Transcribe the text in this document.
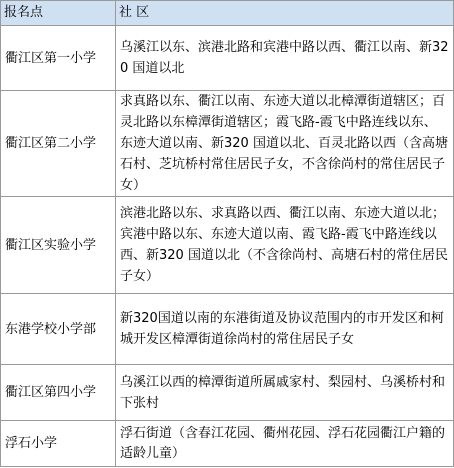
报名点	社 区
衢江区第一小学	乌溪江以东、滨港北路和宾港中路以西、衢江以南、新320 国道以北
衢江区第二小学	求真路以东、衢江以南、东迹大道以北樟潭街道辖区；百灵北路以东樟潭街道辖区；霞飞路-霞飞中路连线以东、东迹大道以南、新320 国道以北、百灵北路以西（含高塘石村、芝坑桥村常住居民子女，不含徐尚村的常住居民子女）
衢江区实验小学	滨港北路以东、求真路以西、衢江以南、东迹大道以北；宾港中路以东、东迹大道以南、霞飞路-霞飞中路连线以西、新320 国道以北（不含徐尚村、高塘石村的常住居民子女）
东港学校小学部	新320国道以南的东港街道及协议范围内的市开发区和柯城开发区樟潭街道徐尚村的常住居民子女
衢江区第四小学	乌溪江以西的樟潭街道所属戚家村、梨园村、乌溪桥村和下张村
浮石小学	浮石街道（含春江花园、衢州花园、浮石花园衢江户籍的适龄儿童）
